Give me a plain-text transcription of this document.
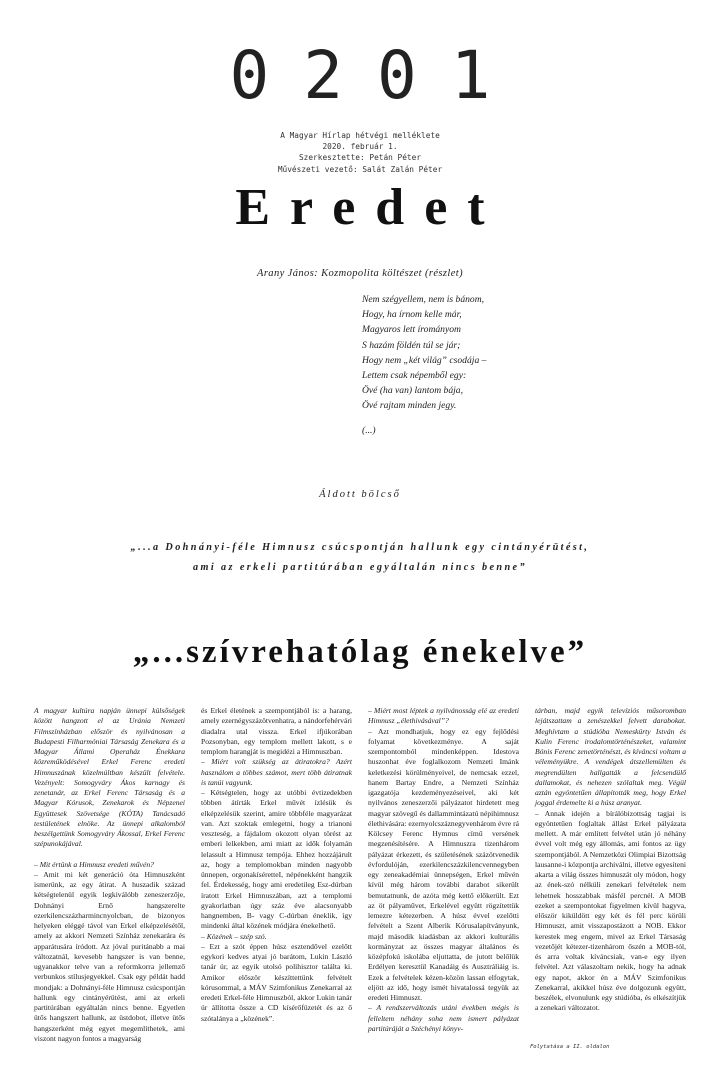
0 2 0 1
A Magyar Hírlap hétvégi melléklete
2020. február 1.
Szerkesztette: Petán Péter
Művészeti vezető: Salát Zalán Péter
Eredet
Arany János: Kozmopolita költészet (részlet)
Nem szégyellem, nem is bánom,
Hogy, ha írnom kelle már,
Magyaros lett írományom
S hazám földén túl se jár;
Hogy nem „két világ” csodája –
Lettem csak népemből egy:
Övé (ha van) lantom bája,
Övé rajtam minden jegy.
(...)
Áldott bölcső
„...a Dohnányi-féle Himnusz csúcspontján hallunk egy cintányérütést,
ami az erkeli partitúrában egyáltalán nincs benne”
„...szívrehatólag énekelve”

A magyar kultúra napján ünnepi külsőségek között hangzott el az Uránia Nemzeti Filmszínházban először és nyilvánosan a Budapesti Filharmóniai Társaság Zenekara és a Magyar Állami Operaház Énekkara közreműködésével Erkel Ferenc eredeti Himnuszának közelmúltban készült felvétele. Vezényelt: Somogyváry Ákos karnagy és zenetanár, az Erkel Ferenc Társaság és a Magyar Kórusok, Zenekarok és Népzenei Együttesek Szövetsége (KÓTA) Tanácsadó testületének elnöke. Az ünnepi alkalomból beszélgettünk Somogyváry Ákossal, Erkel Ferenc szépunokájával.

– Mit értünk a Himnusz eredeti művén?

– Amit mi két generáció óta Himnuszként ismerünk, az egy átirat. A huszadik század kétségtelenül egyik legkiválóbb zeneszerzője, Dohnányi Ernő hangszerelte ezerkilencszázharmincnyolcban, de bizonyos helyeken eléggé távol van Erkel elképzelésétől, amely az akkori Nemzeti Színház zenekarára és apparátusára íródott. Az jóval puritánabb a mai változatnál, kevesebb hangszer is van benne, ugyanakkor telve van a reformkorra jellemző verbunkos stílusjegyekkel. Csak egy példát hadd mondjak: a Dohnányi-féle Himnusz csúcspontján hallunk egy cintányérütést, ami az erkeli partitúrában egyáltalán nincs benne. Egyetlen ütős hangszert hallunk, az üstdobot, illetve ütős hangszerként még egyet megemlíthetek, ami viszont nagyon fontos a magyarság

és Erkel életének a szempontjából is: a harang, amely ezernégyszázötvenhatra, a nándorfehérvári diadalra utal vissza. Erkel ifjúkorában Pozsonyban, egy templom mellett lakott, s e templom harangját is megidézi a Himnuszban.

– Miért volt szükség az átiratokra? Azért használom a többes számot, mert több átiratnak is tanúi vagyunk.

– Kétségtelen, hogy az utóbbi évtizedekben többen átírták Erkel művét ízlésük és elképzelésük szerint, amire többféle magyarázat van. Azt szoktak emlegetni, hogy a trianoni veszteség, a fájdalom okozott olyan törést az emberi lelkekben, ami miatt az idők folyamán lelassult a Himnusz tempója. Ehhez hozzájárult az, hogy a templomokban minden nagyobb ünnepen, orgonakíséretteI, népénekként hangzik fel. Érdekesség, hogy ami eredetileg Esz-dúrban íratott Erkel Himnuszában, azt a templomi gyakorlatban úgy száz éve alacsonyabb hangnemben, B- vagy C-dúrban éneklik, így mindenki által közének módjára énekelhető.

– Közének – szép szó.

– Ezt a szót éppen húsz esztendővel ezelőtt egykori kedves atyai jó barátom, Lukin László tanár úr, az egyik utolsó polihisztor találta ki. Amikor először készíttettünk felvételt kórusommal, a MÁV Szimfonikus Zenekarral az eredeti Erkel-féle Himnuszból, akkor Lukin tanár úr állította össze a CD kísérőfüzetét és az ő szótalánya a „közének”.

– Miért most léptek a nyilvánosság elé az eredeti Himnusz „élethivásával”?

– Azt mondhatjuk, hogy ez egy fejlődési folyamat következménye. A saját szempontomból mindenképpen. Idestova huszonhat éve foglalkozom Nemzeti Imánk keletkezési körülményeivel, de nemcsak ezzel, hanem Bartay Endre, a Nemzeti Színház igazgatója kezdeményezéseivel, aki két nyilvános zeneszerzői pályázatot hirdetett meg magyar szövegű és dallammintázatú népihimnusz élethivására: ezernyolcszáznegyvenhárom évre rá Kölcsey Ferenc Hymnus című versének megzenésítésére. A Himnuszra tizenhárom pályázat érkezett, és születésének százötvenedik évfordulóján, ezerkilencszázkilencvennegyben egy zeneakadémiai ünnepségen, Erkel művén kívül még három további darabot sikerült bemutatnunk, de azóta még kettő előkerült. Ezt az öt pályaművet, Erkelével együtt rögzítettük lemezre kétezerben. A húsz évvel ezelőtti felvételt a Szent Alberik Kórusalapítványunk, majd második kiadásban az akkori kulturális kormányzat az összes magyar általános és középfokú iskolába eljuttatta, de jutott belőlük Erdélyen keresztül Kanadáig és Ausztráliáig is. Ezek a felvételek kézen-közön lassan elfogytak, eljött az idő, hogy ismét hivatalossá tegyük az eredeti Himnuszt.

– A rendszerváltozás utáni években mégis is felleltem néhány soha nem ismert pályázat partitúráját a Széchényi könyv-

tárban, majd egyik televíziós műsoromban lejátszattam a zenészekkel felvett darabokat. Meghívtam a stúdióba Nemeskürty István és Kulin Ferenc irodalomtörténészeket, valamint Bónis Ferenc zenetörténészt, és kíváncsi voltam a véleményükre. A vendégek átszellemülten és megrendülten hallgatták a felcsendülő dallamokat, és nehezen szólaltak meg. Végül aztán egyöntetűen állapították meg, hogy Erkel joggal érdemelte ki a húsz aranyat.

– Annak idején a bírálóbizottság tagjai is egyöntetűen foglaltak állást Erkel pályázata mellett. A már említett felvétel után jó néhány évvel volt még egy állomás, ami fontos az ügy szempontjából. A Nemzetközi Olimpiai Bizottság lausanne-i központja archiválni, illetve egyesíteni akarta a világ összes himnuszát oly módon, hogy az ének-szó nélküli zenekari felvételek nem lehetnek hosszabbak másfél percnél. A MOB ezeket a szempontokat figyelmen kívül hagyva, először kiküldött egy két és fél perc körüli Himnuszt, amit visszapostázott a NOB. Ekkor kerestek meg engem, mivel az Erkel Társaság vezetőjét kétezer-tizenhárom őszén a MOB-tól, és arra voltak kíváncsiak, van-e egy ilyen felvétel. Azt válaszoltam nekik, hogy ha adnak egy napot, akkor én a MÁV Szimfonikus Zenekarral, akikkel húsz éve dolgozunk együtt, beszélek, elvonulunk egy stúdióba, és elkészítjük a zenekari változatot.

Folytatása a II. oldalon
